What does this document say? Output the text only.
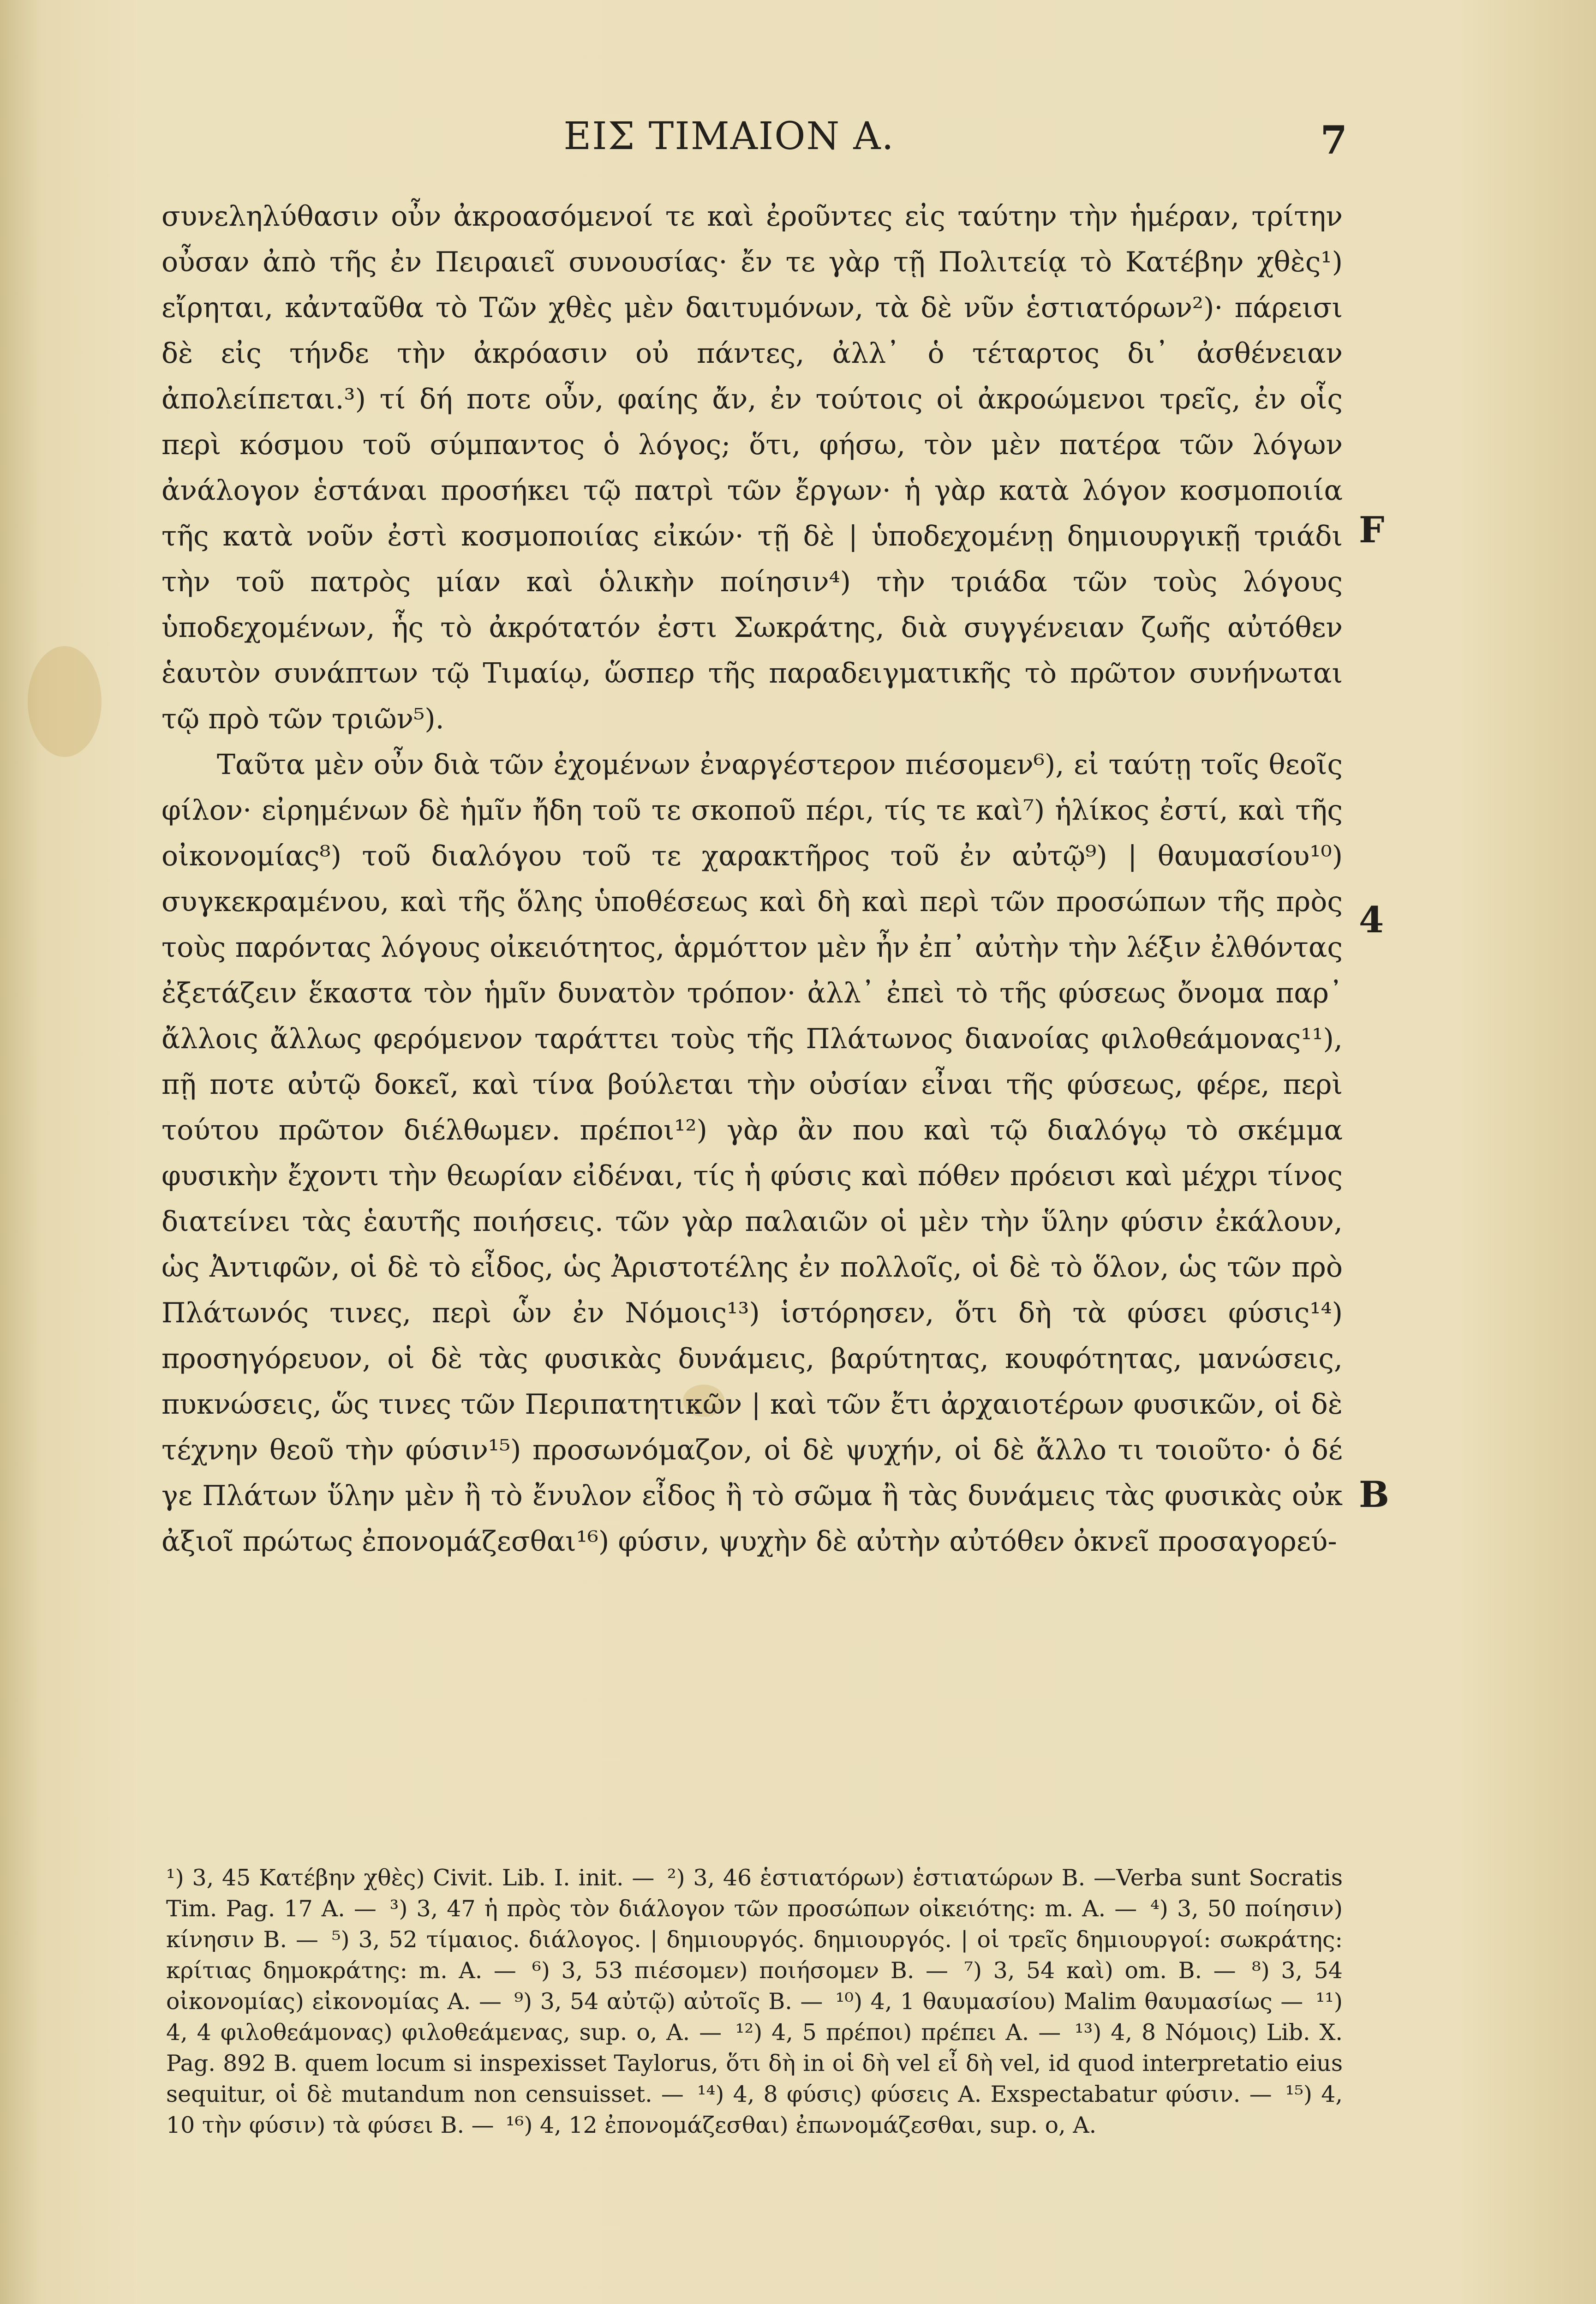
ΕΙΣ ΤΙΜΑΙΟΝ Α.	7

συνεληλύθασιν οὖν ἀκροασόμενοί τε καὶ ἐροῦντες εἰς ταύτην τὴν ἡμέραν, τρίτην οὖσαν ἀπὸ τῆς ἐν Πειραιεῖ συνουσίας· ἔν τε γὰρ τῇ Πολιτείᾳ τὸ Κατέβην χθὲς¹) εἴρηται, κἀνταῦθα τὸ Τῶν χθὲς μὲν δαιτυμόνων, τὰ δὲ νῦν ἑστιατόρων²)· πάρεισι δὲ εἰς τήνδε τὴν ἀκρόασιν οὐ πάντες, ἀλλ᾽ ὁ τέταρτος δι᾽ ἀσθένειαν ἀπολείπεται.³) τί δή ποτε οὖν, φαίης ἄν, ἐν τούτοις οἱ ἀκροώμενοι τρεῖς, ἐν οἷς περὶ κόσμου τοῦ σύμπαντος ὁ λόγος; ὅτι, φήσω, τὸν μὲν πατέρα τῶν λόγων ἀνάλογον ἑστάναι προσήκει τῷ πατρὶ τῶν ἔργων· ἡ γὰρ κατὰ λόγον κοσμοποιία τῆς κατὰ νοῦν ἐστὶ κοσμοποιίας εἰκών· τῇ δὲ | ὑποδεχομένῃ δημιουργικῇ τριάδι τὴν τοῦ πατρὸς μίαν καὶ ὁλικὴν ποίησιν⁴) τὴν τριάδα τῶν τοὺς λόγους ὑποδεχομένων, ἧς τὸ ἀκρότατόν ἐστι Σωκράτης, διὰ συγγένειαν ζωῆς αὐτόθεν ἑαυτὸν συνάπτων τῷ Τιμαίῳ, ὥσπερ τῆς παραδειγματικῆς τὸ πρῶτον συνήνωται τῷ πρὸ τῶν τριῶν⁵).

Ταῦτα μὲν οὖν διὰ τῶν ἐχομένων ἐναργέστερον πιέσομεν⁶), εἰ ταύτῃ τοῖς θεοῖς φίλον· εἰρημένων δὲ ἡμῖν ἤδη τοῦ τε σκοποῦ πέρι, τίς τε καὶ⁷) ἡλίκος ἐστί, καὶ τῆς οἰκονομίας⁸) τοῦ διαλόγου τοῦ τε χαρακτῆρος τοῦ ἐν αὐτῷ⁹) | θαυμασίου¹⁰) συγκεκραμένου, καὶ τῆς ὅλης ὑποθέσεως καὶ δὴ καὶ περὶ τῶν προσώπων τῆς πρὸς τοὺς παρόντας λόγους οἰκειότητος, ἁρμόττον μὲν ἦν ἐπ᾽ αὐτὴν τὴν λέξιν ἐλθόντας ἐξετάζειν ἕκαστα τὸν ἡμῖν δυνατὸν τρόπον· ἀλλ᾽ ἐπεὶ τὸ τῆς φύσεως ὄνομα παρ᾽ ἄλλοις ἄλλως φερόμενον ταράττει τοὺς τῆς Πλάτωνος διανοίας φιλοθεάμονας¹¹), πῇ ποτε αὐτῷ δοκεῖ, καὶ τίνα βούλεται τὴν οὐσίαν εἶναι τῆς φύσεως, φέρε, περὶ τούτου πρῶτον διέλθωμεν. πρέποι¹²) γὰρ ἂν που καὶ τῷ διαλόγῳ τὸ σκέμμα φυσικὴν ἔχοντι τὴν θεωρίαν εἰδέναι, τίς ἡ φύσις καὶ πόθεν πρόεισι καὶ μέχρι τίνος διατείνει τὰς ἑαυτῆς ποιήσεις. τῶν γὰρ παλαιῶν οἱ μὲν τὴν ὕλην φύσιν ἐκάλουν, ὡς Ἀντιφῶν, οἱ δὲ τὸ εἶδος, ὡς Ἀριστοτέλης ἐν πολλοῖς, οἱ δὲ τὸ ὅλον, ὡς τῶν πρὸ Πλάτωνός τινες, περὶ ὧν ἐν Νόμοις¹³) ἱστόρησεν, ὅτι δὴ τὰ φύσει φύσις¹⁴) προσηγόρευον, οἱ δὲ τὰς φυσικὰς δυνάμεις, βαρύτητας, κουφότητας, μανώσεις, πυκνώσεις, ὥς τινες τῶν Περιπατητικῶν | καὶ τῶν ἔτι ἀρχαιοτέρων φυσικῶν, οἱ δὲ τέχνην θεοῦ τὴν φύσιν¹⁵) προσωνόμαζον, οἱ δὲ ψυχήν, οἱ δὲ ἄλλο τι τοιοῦτο· ὁ δέ γε Πλάτων ὕλην μὲν ἢ τὸ ἔνυλον εἶδος ἢ τὸ σῶμα ἢ τὰς δυνάμεις τὰς φυσικὰς οὐκ ἀξιοῖ πρώτως ἐπονομάζεσθαι¹⁶) φύσιν, ψυχὴν δὲ αὐτὴν αὐτόθεν ὀκνεῖ προσαγορεύ-

F
4
B
¹) 3, 45 Κατέβην χθὲς) Civit. Lib. I. init. — ²) 3, 46 ἑστιατόρων) ἑστιατώρων B. —Verba sunt Socratis Tim. Pag. 17 A. — ³) 3, 47 ἡ πρὸς τὸν διάλογον τῶν προσώπων οἰκειότης: m. A. — ⁴) 3, 50 ποίησιν) κίνησιν B. — ⁵) 3, 52 τίμαιος. διάλογος. | δημιουργός. δημιουργός. | οἱ τρεῖς δημιουργοί: σωκράτης: κρίτιας δημοκράτης: m. A. — ⁶) 3, 53 πιέσομεν) ποιήσομεν B. — ⁷) 3, 54 καὶ) om. B. — ⁸) 3, 54 οἰκονομίας) εἰκονομίας A. — ⁹) 3, 54 αὐτῷ) αὐτοῖς B. — ¹⁰) 4, 1 θαυμασίου) Malim θαυμασίως — ¹¹) 4, 4 φιλοθεάμονας) φιλοθεάμενας, sup. ο, A. — ¹²) 4, 5 πρέποι) πρέπει A. — ¹³) 4, 8 Νόμοις) Lib. X. Pag. 892 B. quem locum si inspexisset Taylorus, ὅτι δὴ in οἱ δὴ vel εἶ δὴ vel, id quod interpretatio eius sequitur, οἱ δὲ mutandum non censuisset. — ¹⁴) 4, 8 φύσις) φύσεις A. Exspectabatur φύσιν. — ¹⁵) 4, 10 τὴν φύσιν) τὰ φύσει B. — ¹⁶) 4, 12 ἐπονομάζεσθαι) ἐπωνομάζεσθαι, sup. ο, A.
